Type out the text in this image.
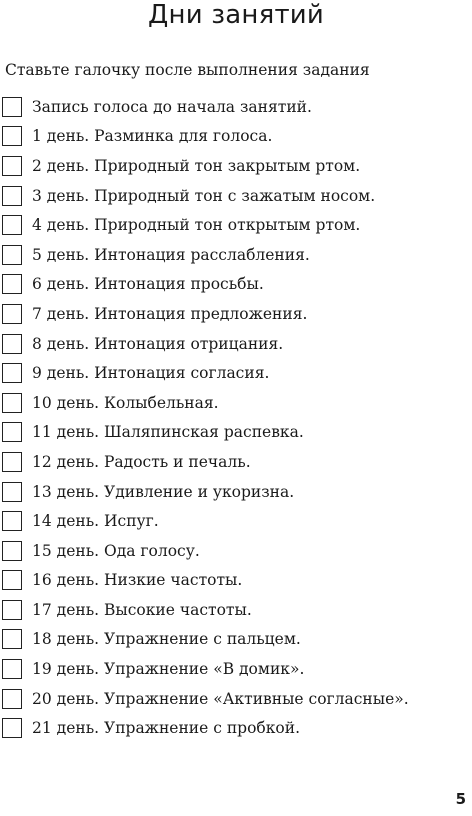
Дни занятий
Ставьте галочку после выполнения задания
Запись голоса до начала занятий.
1 день. Разминка для голоса.
2 день. Природный тон закрытым ртом.
3 день. Природный тон с зажатым носом.
4 день. Природный тон открытым ртом.
5 день. Интонация расслабления.
6 день. Интонация просьбы.
7 день. Интонация предложения.
8 день. Интонация отрицания.
9 день. Интонация согласия.
10 день. Колыбельная.
11 день. Шаляпинская распевка.
12 день. Радость и печаль.
13 день. Удивление и укоризна.
14 день. Испуг.
15 день. Ода голосу.
16 день. Низкие частоты.
17 день. Высокие частоты.
18 день. Упражнение с пальцем.
19 день. Упражнение «В домик».
20 день. Упражнение «Активные согласные».
21 день. Упражнение с пробкой.
5
